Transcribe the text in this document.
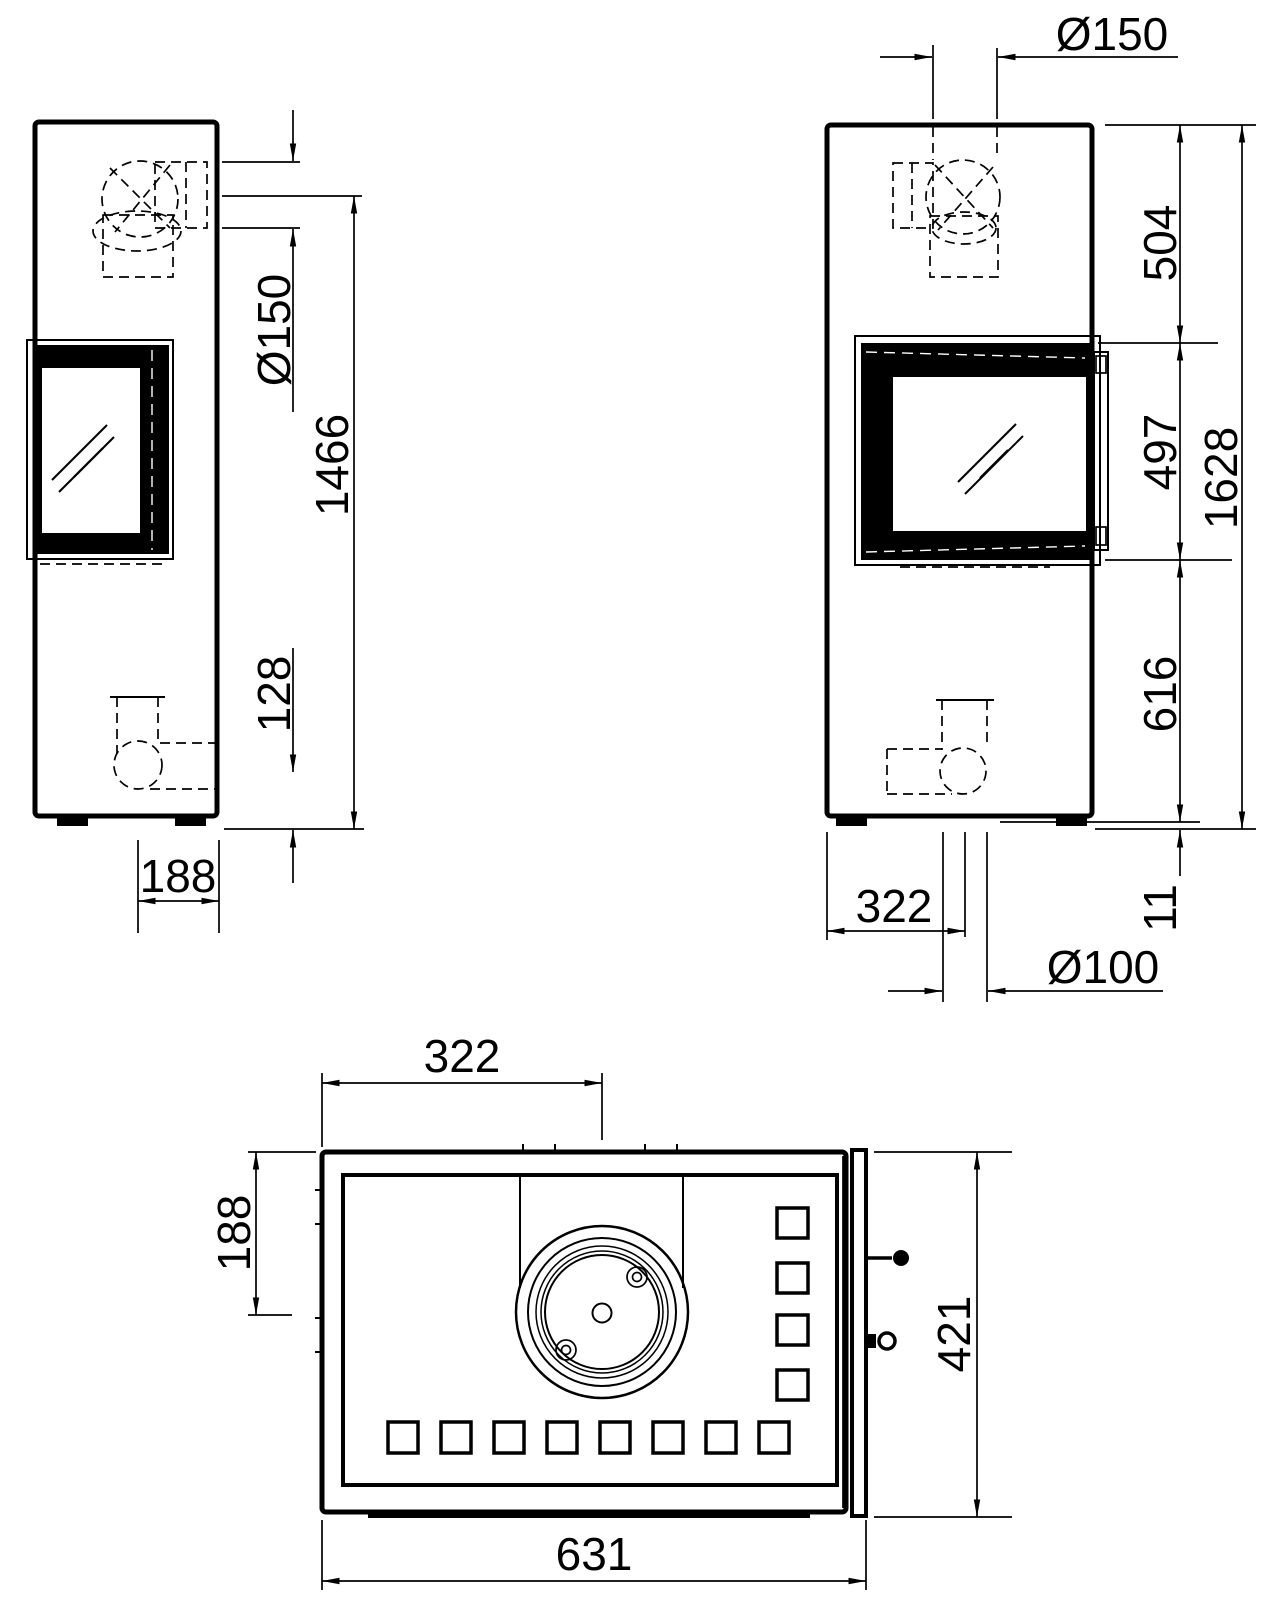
Ø150
1466
128
188
Ø150
504
497
616
11
1628
322
Ø100
322
188
421
631
